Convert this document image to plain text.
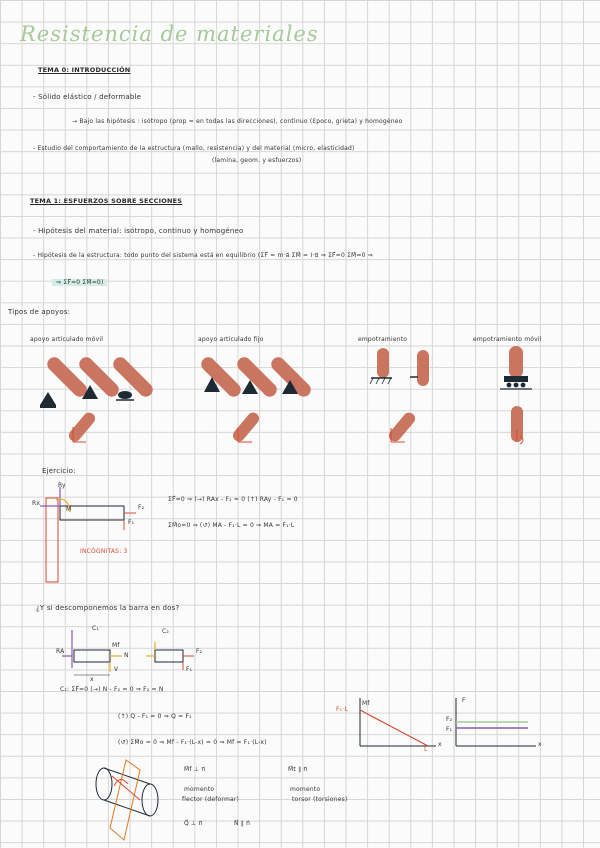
Resistencia de materiales
TEMA 0: INTRODUCCIÓN
- Sólido elástico / deformable
→ Bajo las hipótesis : isótropo (prop = en todas las direcciones), continuo (ℇpoco, grieta) y homogéneo
- Estudio del comportamiento de la estructura (mallo, resistencia) y del material (micro, elasticidad)
(lamina, geom. y esfuerzos)
TEMA 1: ESFUERZOS SOBRE SECCIONES
- Hipótesis del material: isótropo, continuo y homogéneo
- Hipótesis de la estructura: todo punto del sistema está en equilibrio (ΣF⃗ = m·a⃗ ΣM⃗ = I·α⃗ ⇒ ΣF⃗=0 ΣM⃗=0 ⇒
⇒ ΣF⃗=0 ΣM⃗=0)
Tipos de apoyos:
apoyo articulado móvil	apoyo articulado fijo	empotramiento	empotramiento móvil
Ejercicio:
Ry
Rx
M	F₂
F₁
ΣF⃗=0 ⇒ (→) RAx - F₂ = 0 (↑) RAy - F₁ = 0
ΣM⃗o=0 ⇒ (↺) MA - F₁·L = 0 ⇒ MA = F₁·L
INCÓGNITAS: 3
¿Y si descomponemos la barra en dos?
C₁	C₂
RA
Mf
N
V
x
F₂
F₁
C₂: ΣF⃗=0 (→) N - F₂ = 0 ⇒ F₂ = N
(↑) Q - F₁ = 0 ⇒ Q = F₁
(↺) ΣM⃗o = 0 ⇒ Mf - F₁·(L-x) = 0 ⇒ Mf = F₁·(L-x)
Mf
F₁·L
L
x
F
F₂
F₁
x
M⃗f ⊥ n⃗
momento
flector (deformar)
M⃗t ∥ n⃗
momento
torsor (torsiones)
Q⃗ ⊥ n⃗	N⃗ ∥ n⃗
